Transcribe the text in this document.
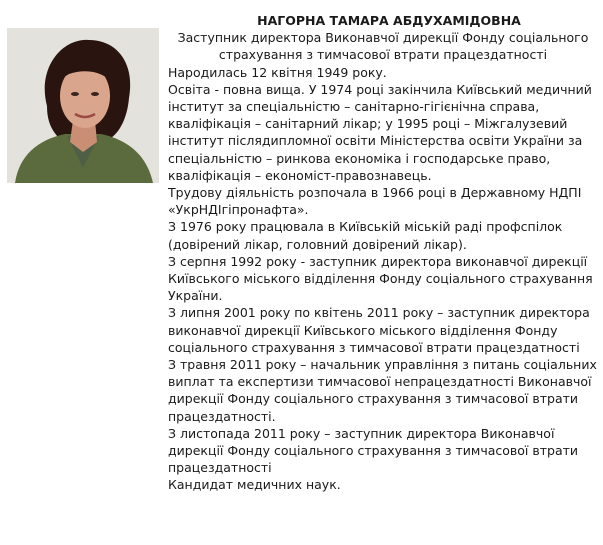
НАГОРНА ТАМАРА АБДУХАМІДОВНА

Заступник директора Виконавчої дирекції Фонду соціального страхування з тимчасової втрати працездатності

Народилась 12 квітня 1949 року.

Освіта - повна вища. У 1974 році закінчила Київський медичний інститут за спеціальністю – санітарно-гігієнічна справа, кваліфікація – санітарний лікар; у 1995 році – Міжгалузевий інститут післядипломної освіти Міністерства освіти України за спеціальністю – ринкова економіка і господарське право, кваліфікація – економіст-правознавець.

Трудову діяльність розпочала в 1966 році в Державному НДПІ «УкрНДІгіпронафта».

З 1976 року працювала в Київській міській раді профспілок (довірений лікар, головний довірений лікар).

З серпня 1992 року - заступник директора виконавчої дирекції Київського міського відділення Фонду соціального страхування України.

З липня 2001 року по квітень 2011 року – заступник директора виконавчої дирекції Київського міського відділення Фонду соціального страхування з тимчасової втрати працездатності

З травня 2011 року – начальник управління з питань соціальних виплат та експертизи тимчасової непрацездатності Виконавчої дирекції Фонду соціального страхування з тимчасової втрати працездатності.

З листопада 2011 року – заступник директора Виконавчої дирекції Фонду соціального страхування з тимчасової втрати працездатності

Кандидат медичних наук.
